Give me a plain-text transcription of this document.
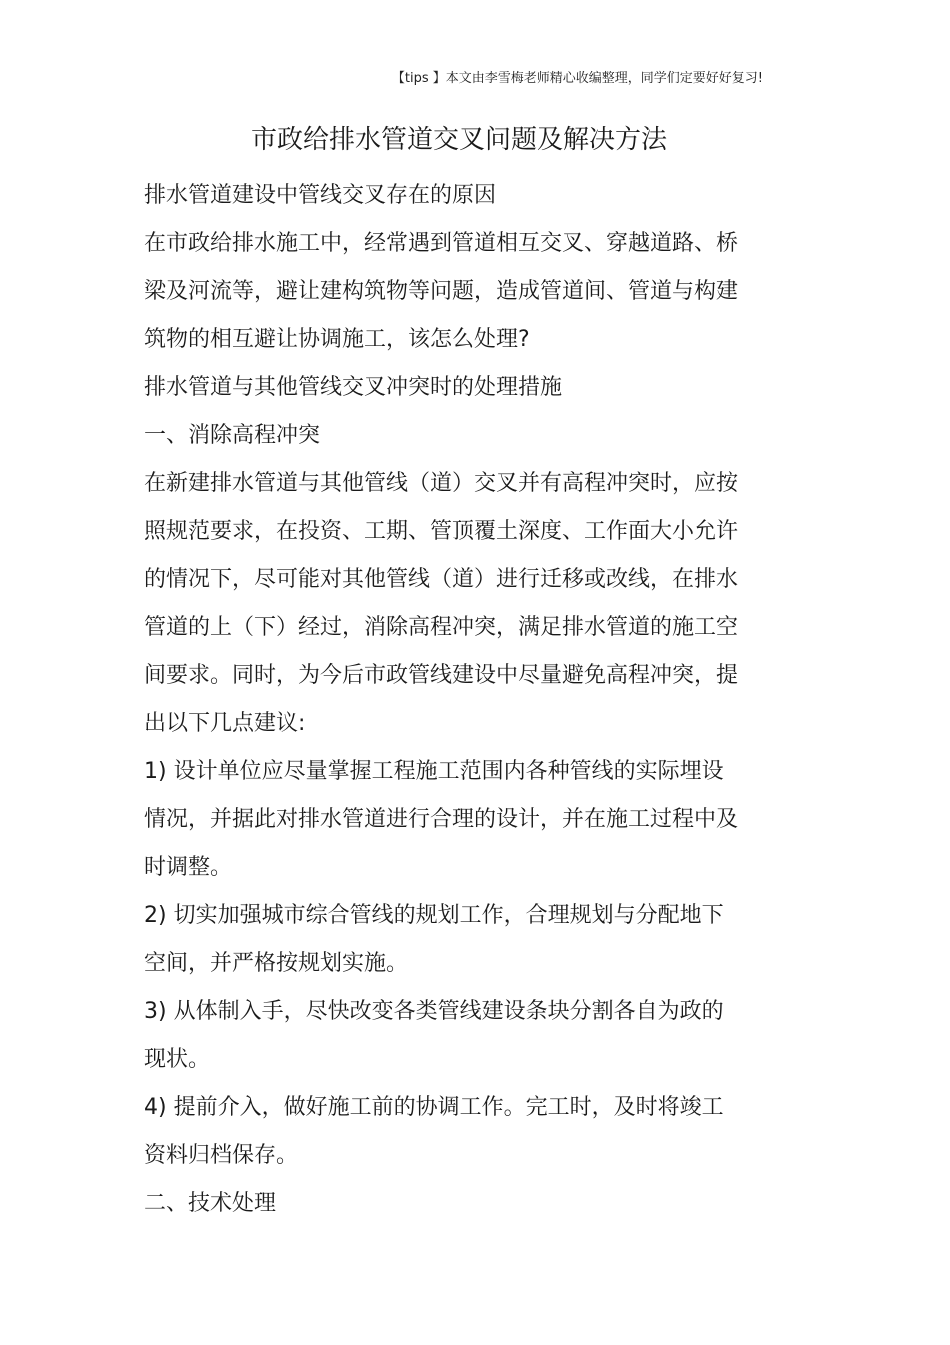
【tips 】本文由李雪梅老师精心收编整理，同学们定要好好复习!
市政给排水管道交叉问题及解决方法

排水管道建设中管线交叉存在的原因

在市政给排水施工中，经常遇到管道相互交叉、穿越道路、桥梁及河流等，避让建构筑物等问题，造成管道间、管道与构建筑物的相互避让协调施工，该怎么处理?

排水管道与其他管线交叉冲突时的处理措施

一、消除高程冲突

在新建排水管道与其他管线（道）交叉并有高程冲突时，应按照规范要求，在投资、工期、管顶覆土深度、工作面大小允许的情况下，尽可能对其他管线（道）进行迁移或改线，在排水管道的上（下）经过，消除高程冲突，满足排水管道的施工空间要求。同时，为今后市政管线建设中尽量避免高程冲突，提出以下几点建议:

1) 设计单位应尽量掌握工程施工范围内各种管线的实际埋设情况，并据此对排水管道进行合理的设计，并在施工过程中及时调整。

2) 切实加强城市综合管线的规划工作，合理规划与分配地下空间，并严格按规划实施。

3) 从体制入手，尽快改变各类管线建设条块分割各自为政的现状。

4) 提前介入，做好施工前的协调工作。完工时，及时将竣工资料归档保存。

二、技术处理
